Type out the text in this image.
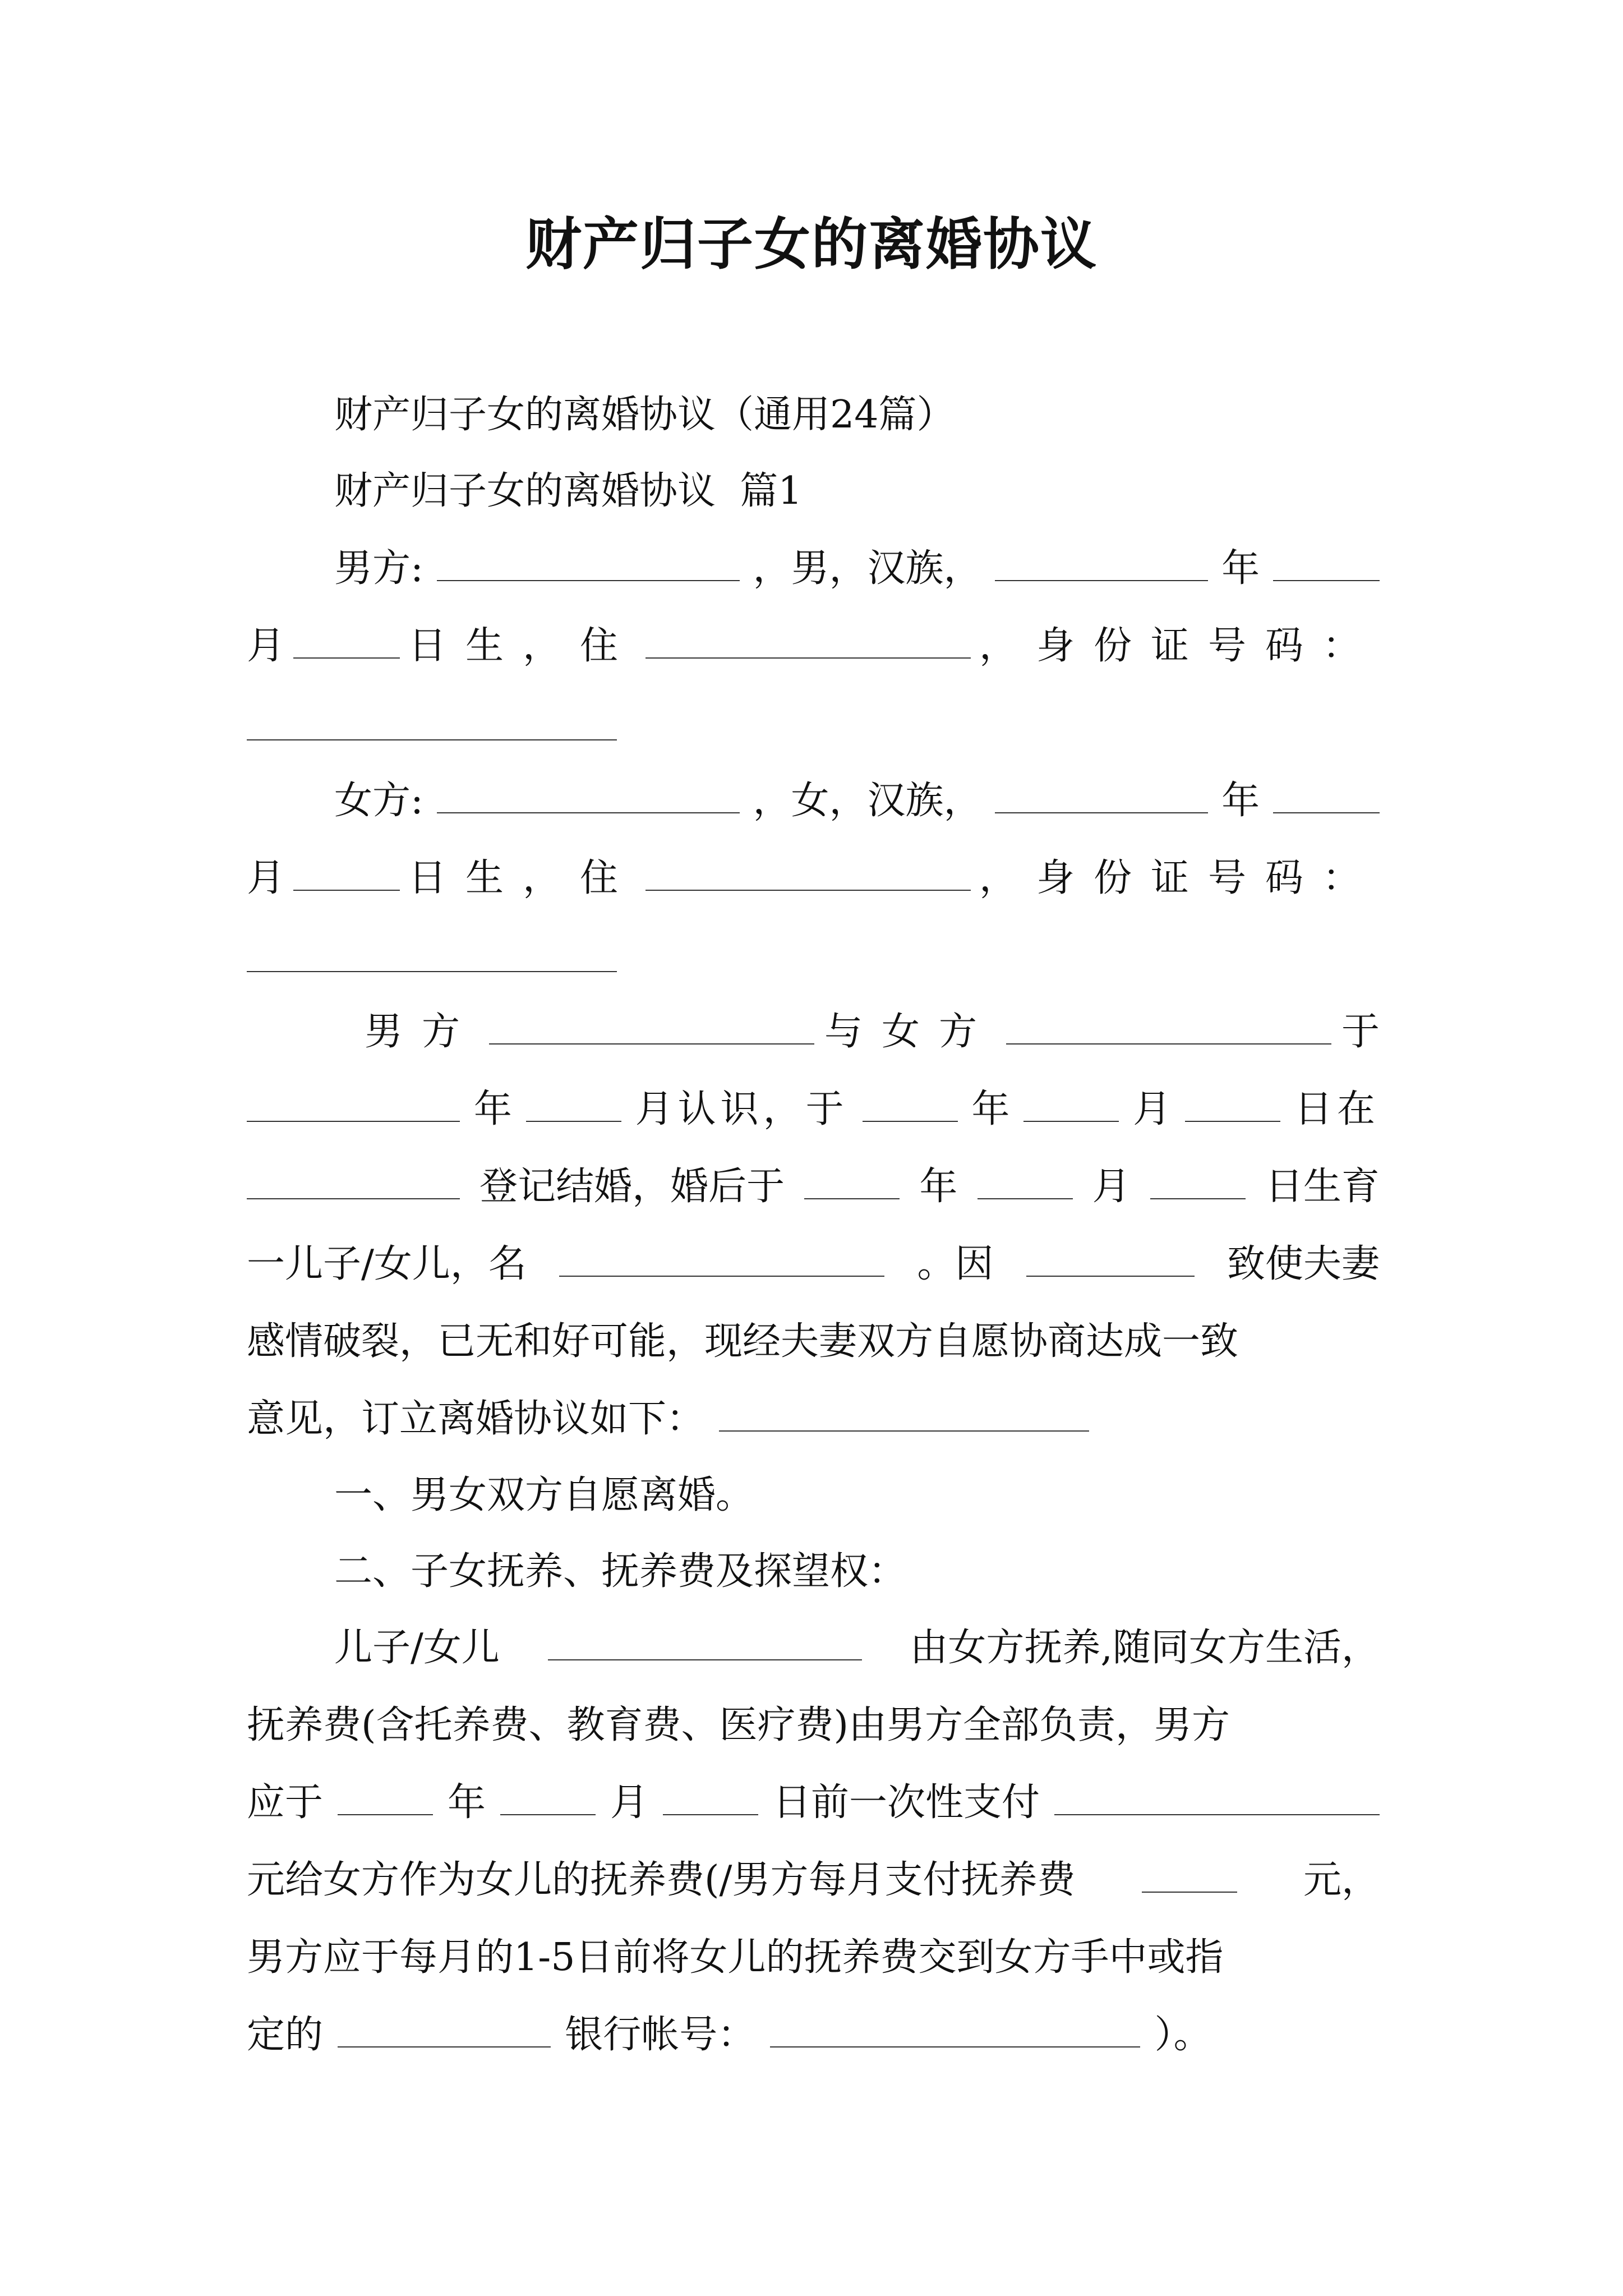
财产归子女的离婚协议
财产归子女的离婚协议（通用24篇）
财产归子女的离婚协议  篇1
男方:	，男，汉族，	年
月	日生，住	，身份证号码：
女方:	，女，汉族，	年
月	日生，住	，身份证号码：
男方	与女方	于
年	月认识，于	年	月	日在
登记结婚，婚后于	年	月	日生育
一儿子/女儿，名	。因	致使夫妻
感情破裂，已无和好可能，现经夫妻双方自愿协商达成一致
意见，订立离婚协议如下：
一、男女双方自愿离婚。
二、子女抚养、抚养费及探望权：
儿子/女儿	由女方抚养,随同女方生活，
抚养费(含托养费、教育费、医疗费)由男方全部负责，男方
应于	年	月	日前一次性支付
元给女方作为女儿的抚养费(/男方每月支付抚养费	元，
男方应于每月的1-5日前将女儿的抚养费交到女方手中或指
定的	银行帐号：	）。
